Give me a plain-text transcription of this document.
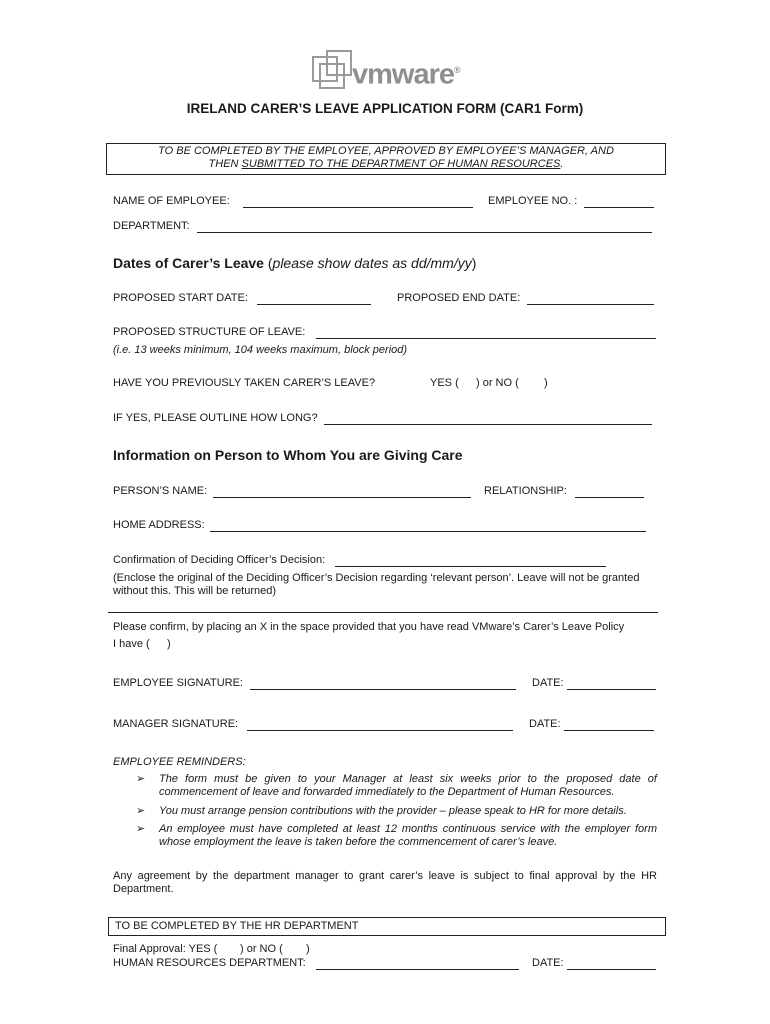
vmware®
IRELAND CARER’S LEAVE APPLICATION FORM (CAR1 Form)
TO BE COMPLETED BY THE EMPLOYEE, APPROVED BY EMPLOYEE’S MANAGER, AND
THEN SUBMITTED TO THE DEPARTMENT OF HUMAN RESOURCES.
NAME OF EMPLOYEE:	EMPLOYEE NO. :
DEPARTMENT:
Dates of Carer’s Leave (please show dates as dd/mm/yy)
PROPOSED START DATE:	PROPOSED END DATE:
PROPOSED STRUCTURE OF LEAVE:
(i.e. 13 weeks minimum, 104 weeks maximum, block period)
HAVE YOU PREVIOUSLY TAKEN CARER’S LEAVE?	YES ( ) or NO ( )
IF YES, PLEASE OUTLINE HOW LONG?
Information on Person to Whom You are Giving Care
PERSON’S NAME:	RELATIONSHIP:
HOME ADDRESS:
Confirmation of Deciding Officer’s Decision:
(Enclose the original of the Deciding Officer’s Decision regarding ‘relevant person’. Leave will not be granted
without this. This will be returned)
Please confirm, by placing an X in the space provided that you have read VMware’s Carer’s Leave Policy
I have ( )
EMPLOYEE SIGNATURE:	DATE:
MANAGER SIGNATURE:	DATE:
EMPLOYEE REMINDERS:
➢ The form must be given to your Manager at least six weeks prior to the proposed date of
commencement of leave and forwarded immediately to the Department of Human Resources.
➢ You must arrange pension contributions with the provider – please speak to HR for more details.
➢ An employee must have completed at least 12 months continuous service with the employer form
whose employment the leave is taken before the commencement of carer’s leave.
Any agreement by the department manager to grant carer’s leave is subject to final approval by the HR
Department.
TO BE COMPLETED BY THE HR DEPARTMENT
Final Approval: YES ( ) or NO ( )
HUMAN RESOURCES DEPARTMENT:	DATE:
